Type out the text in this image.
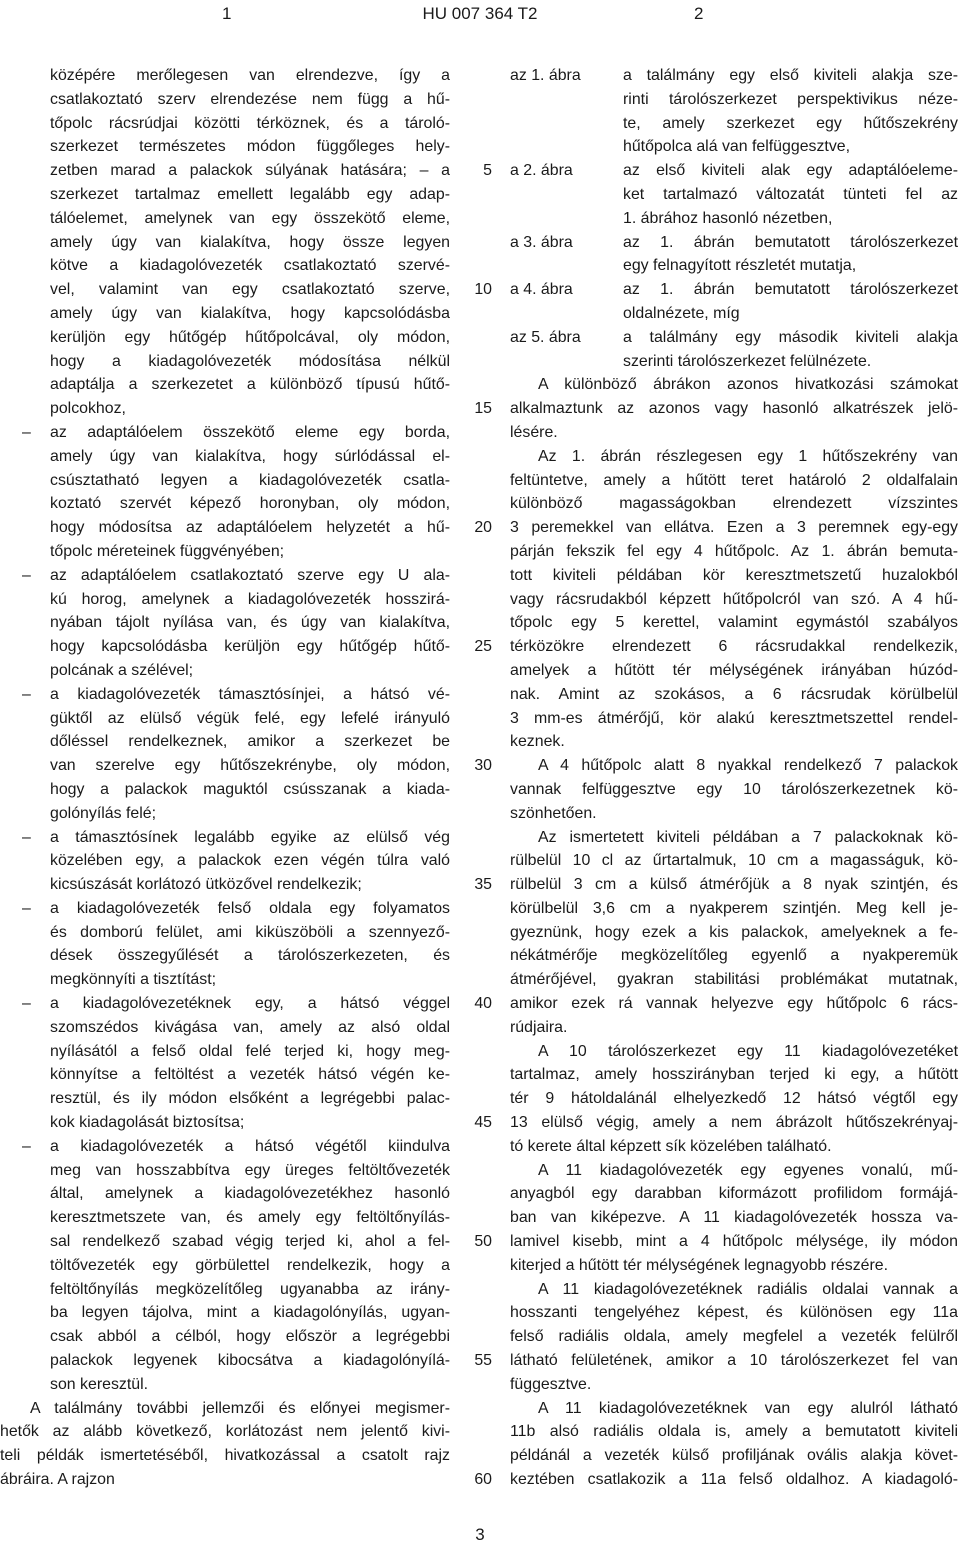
1	HU 007 364 T2	2
középére merőlegesen van elrendezve, így a
csatlakoztató szerv elrendezése nem függ a hű-
tőpolc rácsrúdjai közötti térköznek, és a tároló-
szerkezet természetes módon függőleges hely-
zetben marad a palackok súlyának hatására; – a
szerkezet tartalmaz emellett legalább egy adap-
tálóelemet, amelynek van egy összekötő eleme,
amely úgy van kialakítva, hogy össze legyen
kötve a kiadagolóvezeték csatlakoztató szervé-
vel, valamint van egy csatlakoztató szerve,
amely úgy van kialakítva, hogy kapcsolódásba
kerüljön egy hűtőgép hűtőpolcával, oly módon,
hogy a kiadagolóvezeték módosítása nélkül
adaptálja a szerkezetet a különböző típusú hűtő-
polcokhoz,
az adaptálóelem összekötő eleme egy borda,
–
amely úgy van kialakítva, hogy súrlódással el-
csúsztatható legyen a kiadagolóvezeték csatla-
koztató szervét képező horonyban, oly módon,
hogy módosítsa az adaptálóelem helyzetét a hű-
tőpolc méreteinek függvényében;
az adaptálóelem csatlakoztató szerve egy U ala-
–
kú horog, amelynek a kiadagolóvezeték hosszirá-
nyában tájolt nyílása van, és úgy van kialakítva,
hogy kapcsolódásba kerüljön egy hűtőgép hűtő-
polcának a szélével;
a kiadagolóvezeték támasztósínjei, a hátsó vé-
–
güktől az elülső végük felé, egy lefelé irányuló
dőléssel rendelkeznek, amikor a szerkezet be
van szerelve egy hűtőszekrénybe, oly módon,
hogy a palackok maguktól csússzanak a kiada-
golónyílás felé;
a támasztósínek legalább egyike az elülső vég
–
közelében egy, a palackok ezen végén túlra való
kicsúszását korlátozó ütközővel rendelkezik;
a kiadagolóvezeték felső oldala egy folyamatos
–
és domború felület, ami kiküszöböli a szennyező-
dések összegyűlését a tárolószerkezeten, és
megkönnyíti a tisztítást;
a kiadagolóvezetéknek egy, a hátsó véggel
–
szomszédos kivágása van, amely az alsó oldal
nyílásától a felső oldal felé terjed ki, hogy meg-
könnyítse a feltöltést a vezeték hátsó végén ke-
resztül, és ily módon elsőként a legrégebbi palac-
kok kiadagolását biztosítsa;
a kiadagolóvezeték a hátsó végétől kiindulva
–
meg van hosszabbítva egy üreges feltöltővezeték
által, amelynek a kiadagolóvezetékhez hasonló
keresztmetszete van, és amely egy feltöltőnyílás-
sal rendelkező szabad végig terjed ki, ahol a fel-
töltővezeték egy görbülettel rendelkezik, hogy a
feltöltőnyílás megközelítőleg ugyanabba az irány-
ba legyen tájolva, mint a kiadagolónyílás, ugyan-
csak abból a célból, hogy először a legrégebbi
palackok legyenek kibocsátva a kiadagolónyílá-
son keresztül.
A találmány további jellemzői és előnyei megismer-
hetők az alább következő, korlátozást nem jelentő kivi-
teli példák ismertetéséből, hivatkozással a csatolt rajz
ábráira. A rajzon
5
10
15
20
25
30
35
40
45
50
55
60
az 1. ábra	a találmány egy első kiviteli alakja sze-
rinti tárolószerkezet perspektivikus néze-
te, amely szerkezet egy hűtőszekrény
hűtőpolca alá van felfüggesztve,
a 2. ábra	az első kiviteli alak egy adaptálóeleme-
ket tartalmazó változatát tünteti fel az
1. ábrához hasonló nézetben,
a 3. ábra	az 1. ábrán bemutatott tárolószerkezet
egy felnagyított részletét mutatja,
a 4. ábra	az 1. ábrán bemutatott tárolószerkezet
oldalnézete, míg
az 5. ábra	a találmány egy második kiviteli alakja
szerinti tárolószerkezet felülnézete.
A különböző ábrákon azonos hivatkozási számokat
alkalmaztunk az azonos vagy hasonló alkatrészek jelö-
lésére.
Az 1. ábrán részlegesen egy 1 hűtőszekrény van
feltüntetve, amely a hűtött teret határoló 2 oldalfalain
különböző magasságokban elrendezett vízszintes
3 peremekkel van ellátva. Ezen a 3 peremnek egy-egy
párján fekszik fel egy 4 hűtőpolc. Az 1. ábrán bemuta-
tott kiviteli példában kör keresztmetszetű huzalokból
vagy rácsrudakból képzett hűtőpolcról van szó. A 4 hű-
tőpolc egy 5 kerettel, valamint egymástól szabályos
térközökre elrendezett 6 rácsrudakkal rendelkezik,
amelyek a hűtött tér mélységének irányában húzód-
nak. Amint az szokásos, a 6 rácsrudak körülbelül
3 mm-es átmérőjű, kör alakú keresztmetszettel rendel-
keznek.
A 4 hűtőpolc alatt 8 nyakkal rendelkező 7 palackok
vannak felfüggesztve egy 10 tárolószerkezetnek kö-
szönhetően.
Az ismertetett kiviteli példában a 7 palackoknak kö-
rülbelül 10 cl az űrtartalmuk, 10 cm a magasságuk, kö-
rülbelül 3 cm a külső átmérőjük a 8 nyak szintjén, és
körülbelül 3,6 cm a nyakperem szintjén. Meg kell je-
gyeznünk, hogy ezek a kis palackok, amelyeknek a fe-
nékátmérője megközelítőleg egyenlő a nyakperemük
átmérőjével, gyakran stabilitási problémákat mutatnak,
amikor ezek rá vannak helyezve egy hűtőpolc 6 rács-
rúdjaira.
A 10 tárolószerkezet egy 11 kiadagolóvezetéket
tartalmaz, amely hosszirányban terjed ki egy, a hűtött
tér 9 hátoldalánál elhelyezkedő 12 hátsó végtől egy
13 elülső végig, amely a nem ábrázolt hűtőszekrényaj-
tó kerete által képzett sík közelében található.
A 11 kiadagolóvezeték egy egyenes vonalú, mű-
anyagból egy darabban kiformázott profilidom formájá-
ban van kiképezve. A 11 kiadagolóvezeték hossza va-
lamivel kisebb, mint a 4 hűtőpolc mélysége, ily módon
kiterjed a hűtött tér mélységének legnagyobb részére.
A 11 kiadagolóvezetéknek radiális oldalai vannak a
hosszanti tengelyéhez képest, és különösen egy 11a
felső radiális oldala, amely megfelel a vezeték felülről
látható felületének, amikor a 10 tárolószerkezet fel van
függesztve.
A 11 kiadagolóvezetéknek van egy alulról látható
11b alsó radiális oldala is, amely a bemutatott kiviteli
példánál a vezeték külső profiljának ovális alakja követ-
keztében csatlakozik a 11a felső oldalhoz. A kiadagoló-
3
